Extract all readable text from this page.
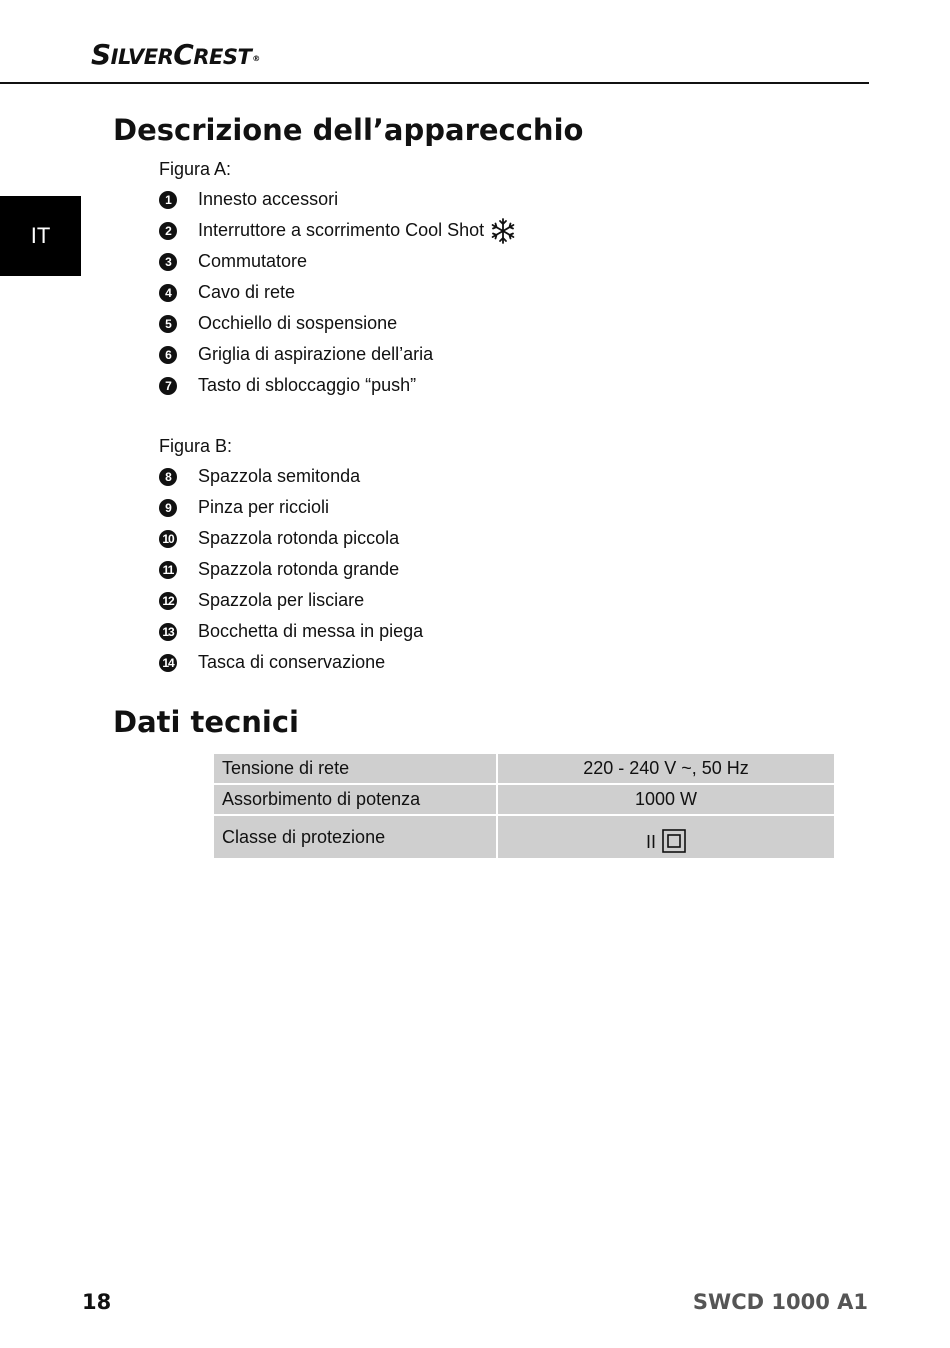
SILVERCREST®
IT
Descrizione dell’apparecchio

Figura A:

1	Innesto accessori
2	Interruttore a scorrimento Cool Shot
3	Commutatore
4	Cavo di rete
5	Occhiello di sospensione
6	Griglia di aspirazione dell’aria
7	Tasto di sbloccaggio “push”

Figura B:

8	Spazzola semitonda
9	Pinza per riccioli
10 Spazzola rotonda piccola
11 Spazzola rotonda grande
12 Spazzola per lisciare
13 Bocchetta di messa in piega
14 Tasca di conservazione
Dati tecnici
Tensione di rete	220 - 240 V ~, 50 Hz
Assorbimento di potenza	1000 W
Classe di protezione	II
18	SWCD 1000 A1
